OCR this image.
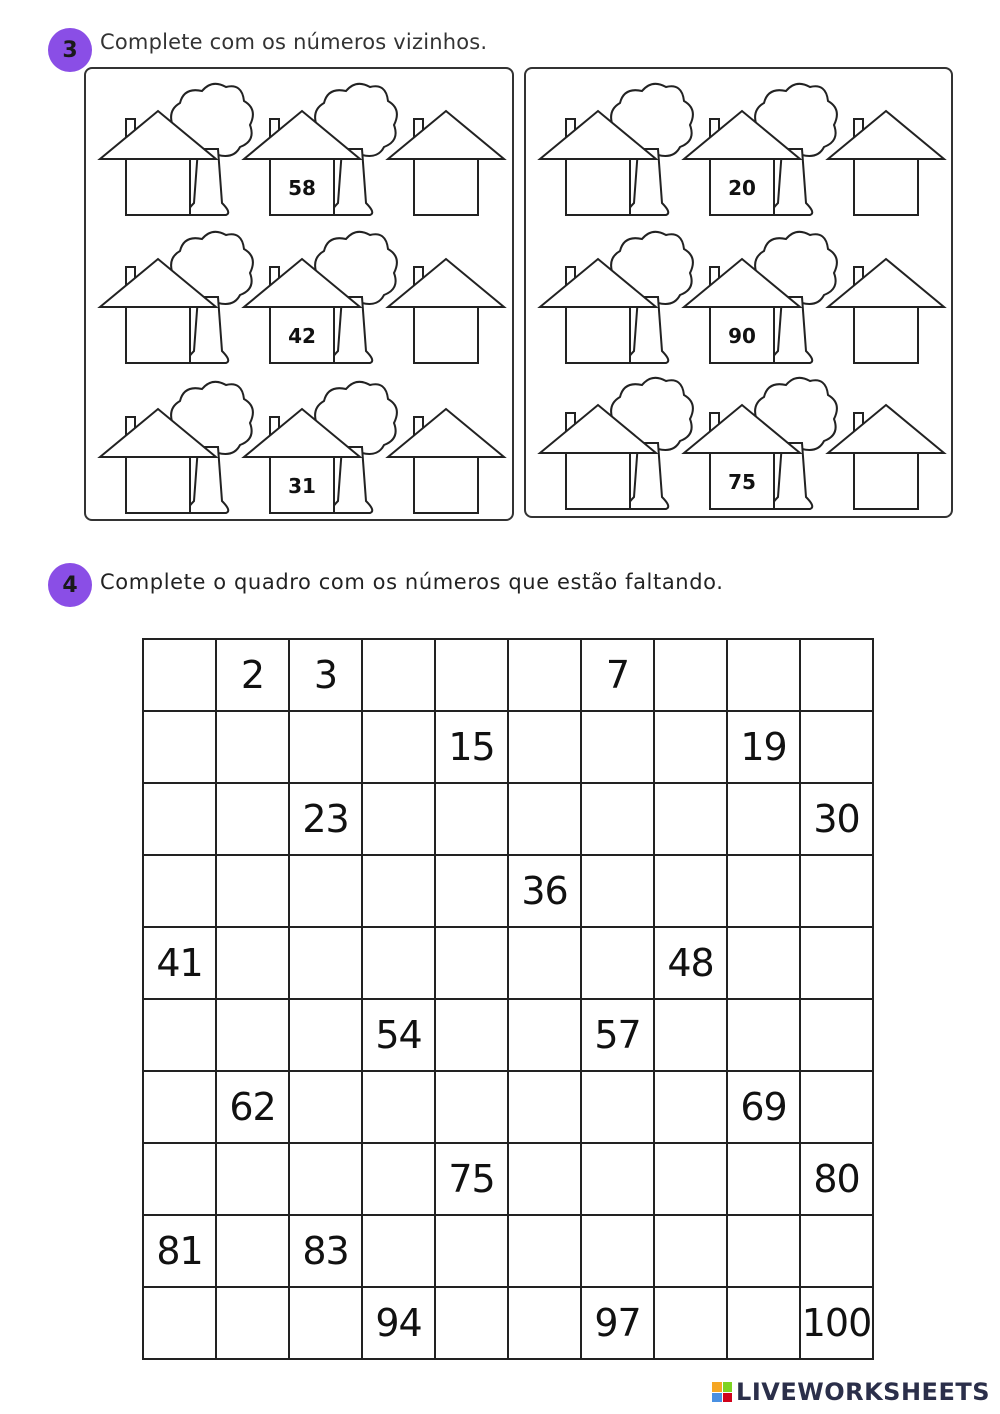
3	Complete com os números vizinhos.
58
42
31
20
90
75
4	Complete o quadro com os números que estão faltando.
	2	3				7			
				15				19	
		23							30
					36				
41							48		
			54			57			
	62							69	
				75					80
81		83							
			94			97			100
LIVEWORKSHEETS
